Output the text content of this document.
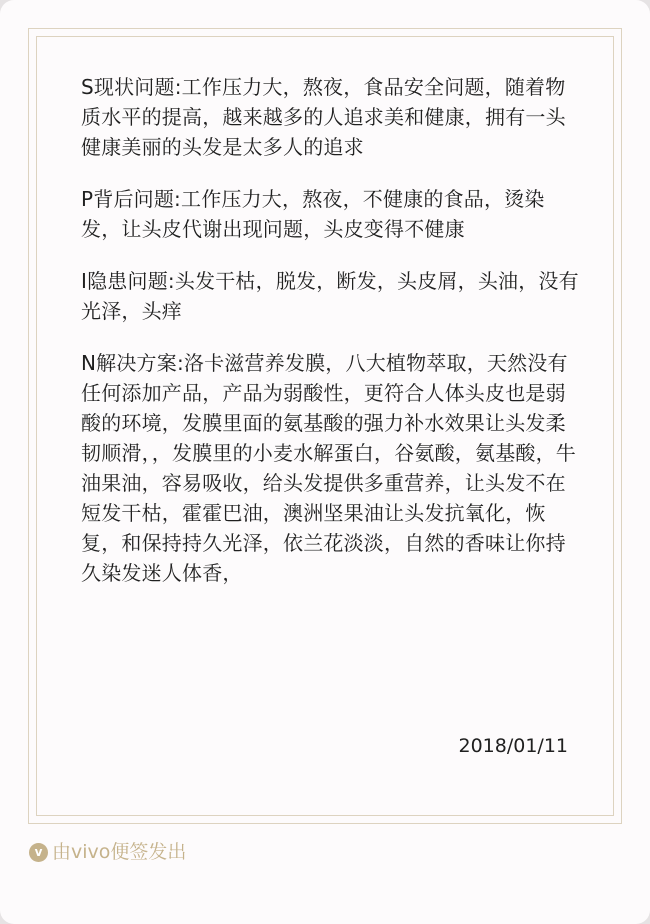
S现状问题:工作压力大，熬夜，食品安全问题，随着物质水平的提高，越来越多的人追求美和健康，拥有一头健康美丽的头发是太多人的追求

P背后问题:工作压力大，熬夜，不健康的食品，烫染发，让头皮代谢出现问题，头皮变得不健康

I隐患问题:头发干枯，脱发，断发，头皮屑，头油，没有光泽，头痒

N解决方案:洛卡滋营养发膜，八大植物萃取，天然没有任何添加产品，产品为弱酸性，更符合人体头皮也是弱酸的环境，发膜里面的氨基酸的强力补水效果让头发柔韧顺滑，，发膜里的小麦水解蛋白，谷氨酸，氨基酸，牛油果油，容易吸收，给头发提供多重营养，让头发不在短发干枯，霍霍巴油，澳洲坚果油让头发抗氧化，恢复，和保持持久光泽，依兰花淡淡，自然的香味让你持久染发迷人体香，

2018/01/11
v 由vivo便签发出
